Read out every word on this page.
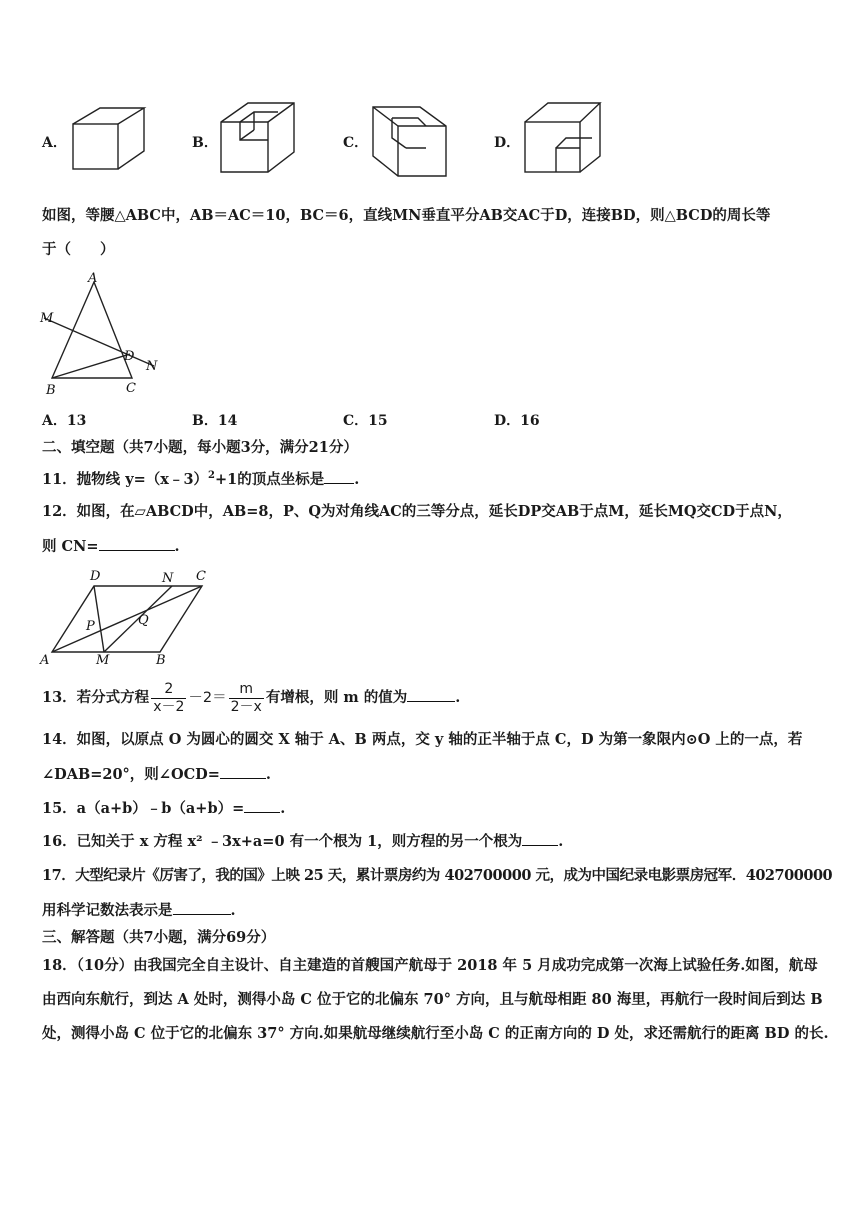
A．	B．	C．	D．
如图，等腰△ABC中，AB＝AC＝10，BC＝6，直线MN垂直平分AB交AC于D，连接BD，则△BCD的周长等
于（　　）
A
M
D
N
B	C
A．13	B．14	C．15	D．16
二、填空题（共7小题，每小题3分，满分21分）
11．抛物线 y=（x﹣3）$^2$+1的顶点坐标是 .
12．如图，在▱ABCD中，AB=8，P、Q为对角线AC的三等分点，延长DP交AB于点M，延长MQ交CD于点N，
则 CN=	.
D	N C
P	Q
A	M	B
13．若分式方程 $\frac{2}{x-2} -2= \frac{m}{2-x}$ 有增根，则 m 的值为	.
14．如图，以原点 O 为圆心的圆交 X 轴于 A、B 两点，交 y 轴的正半轴于点 C，D 为第一象限内⊙O 上的一点，若
∠DAB=20°，则∠OCD=	.
15．a（a+b）﹣b（a+b）= .
16．已知关于 x 方程 x² ﹣3x+a=0 有一个根为 1，则方程的另一个根为 .
17．大型纪录片《厉害了，我的国》上映 25 天，累计票房约为 402700000 元，成为中国纪录电影票房冠军．402700000
用科学记数法表示是	.
三、解答题（共7小题，满分69分）
18．（10分）由我国完全自主设计、自主建造的首艘国产航母于 2018 年 5 月成功完成第一次海上试验任务.如图，航母
由西向东航行，到达 A 处时，测得小岛 C 位于它的北偏东 70° 方向，且与航母相距 80 海里，再航行一段时间后到达 B
处，测得小岛 C 位于它的北偏东 37° 方向.如果航母继续航行至小岛 C 的正南方向的 D 处，求还需航行的距离 BD 的长.
